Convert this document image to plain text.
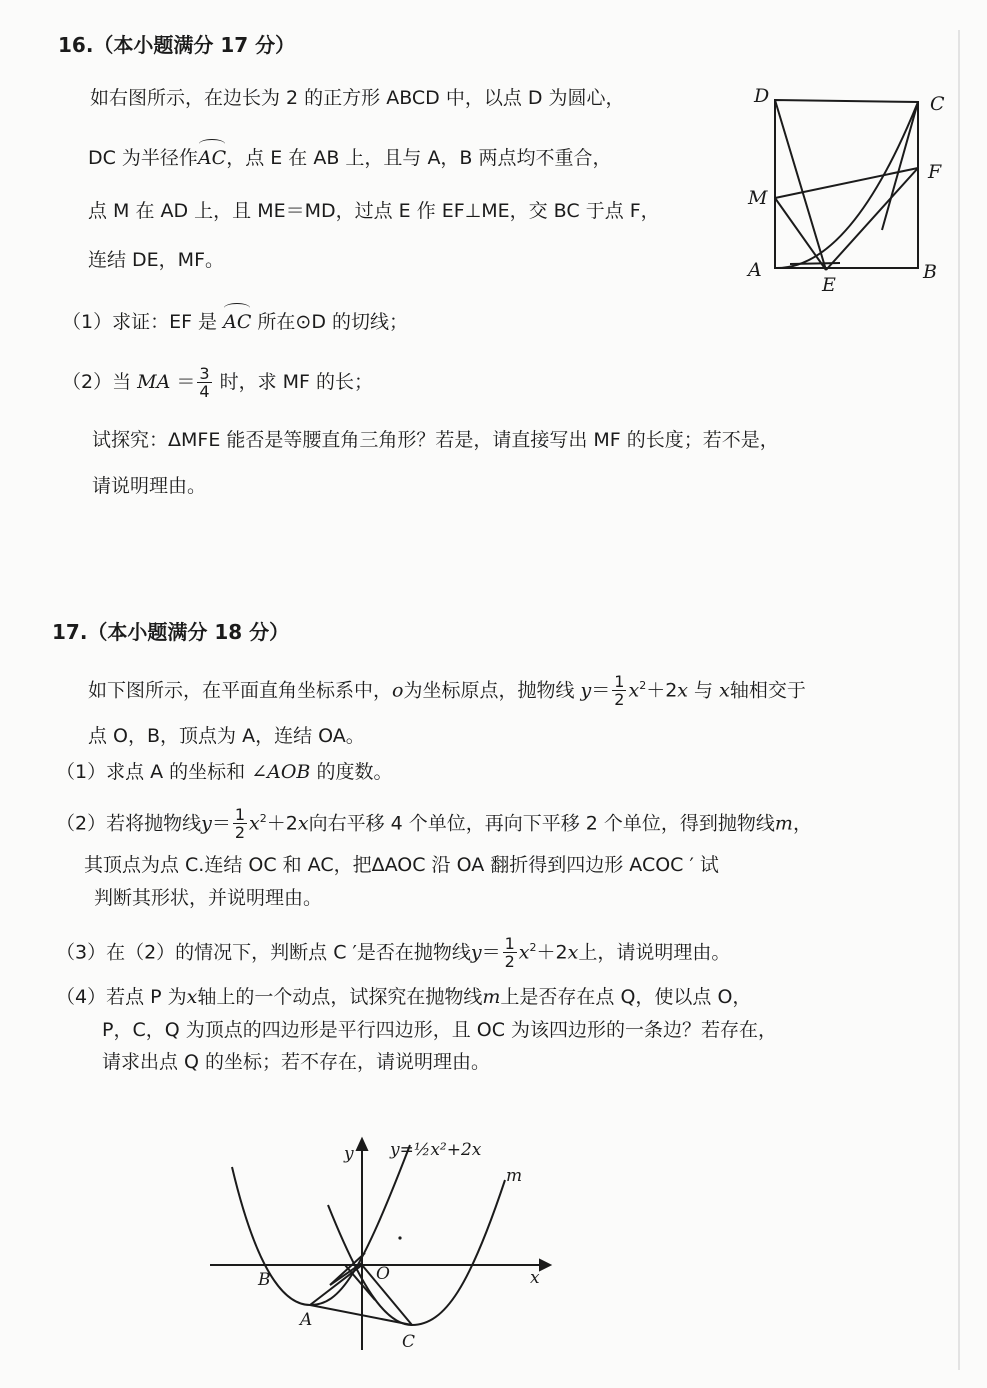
16.（本小题满分 17 分）
如右图所示，在边长为 2 的正方形 ABCD 中，以点 D 为圆心，
DC 为半径作AC，点 E 在 AB 上，且与 A，B 两点均不重合，
点 M 在 AD 上，且 ME＝MD，过点 E 作 EF⊥ME，交 BC 于点 F，
连结 DE，MF。
（1）求证：EF 是 AC 所在⊙D 的切线；
（2）当 MA ＝ $\frac{3}{4}$ 时，求 MF 的长；
试探究：ΔMFE 能否是等腰直角三角形？若是，请直接写出 MF 的长度；若不是，
请说明理由。
D	C
M
F
A
E
B
17.（本小题满分 18 分）
如下图所示，在平面直角坐标系中，o为坐标原点，抛物线 $y= \frac{1}{2} x^2+2x$ 与 x轴相交于
点 O，B，顶点为 A，连结 OA。
（1）求点 A 的坐标和 ∠AOB 的度数。
（2）若将抛物线$y= \frac{1}{2} x^2+2x$向右平移 4 个单位，再向下平移 2 个单位，得到抛物线m，
其顶点为点 C.连结 OC 和 AC，把ΔAOC 沿 OA 翻折得到四边形 ACOC ′ 试
判断其形状，并说明理由。
（3）在（2）的情况下，判断点 C ′是否在抛物线$y= \frac{1}{2} x^2+2x$上，请说明理由。
（4）若点 P 为x轴上的一个动点，试探究在抛物线m上是否存在点 Q，使以点 O，
P，C，Q 为顶点的四边形是平行四边形，且 OC 为该四边形的一条边？若存在，
请求出点 Q 的坐标；若不存在，请说明理由。
y y=½x²+2x
m
x
B	O
A
C
